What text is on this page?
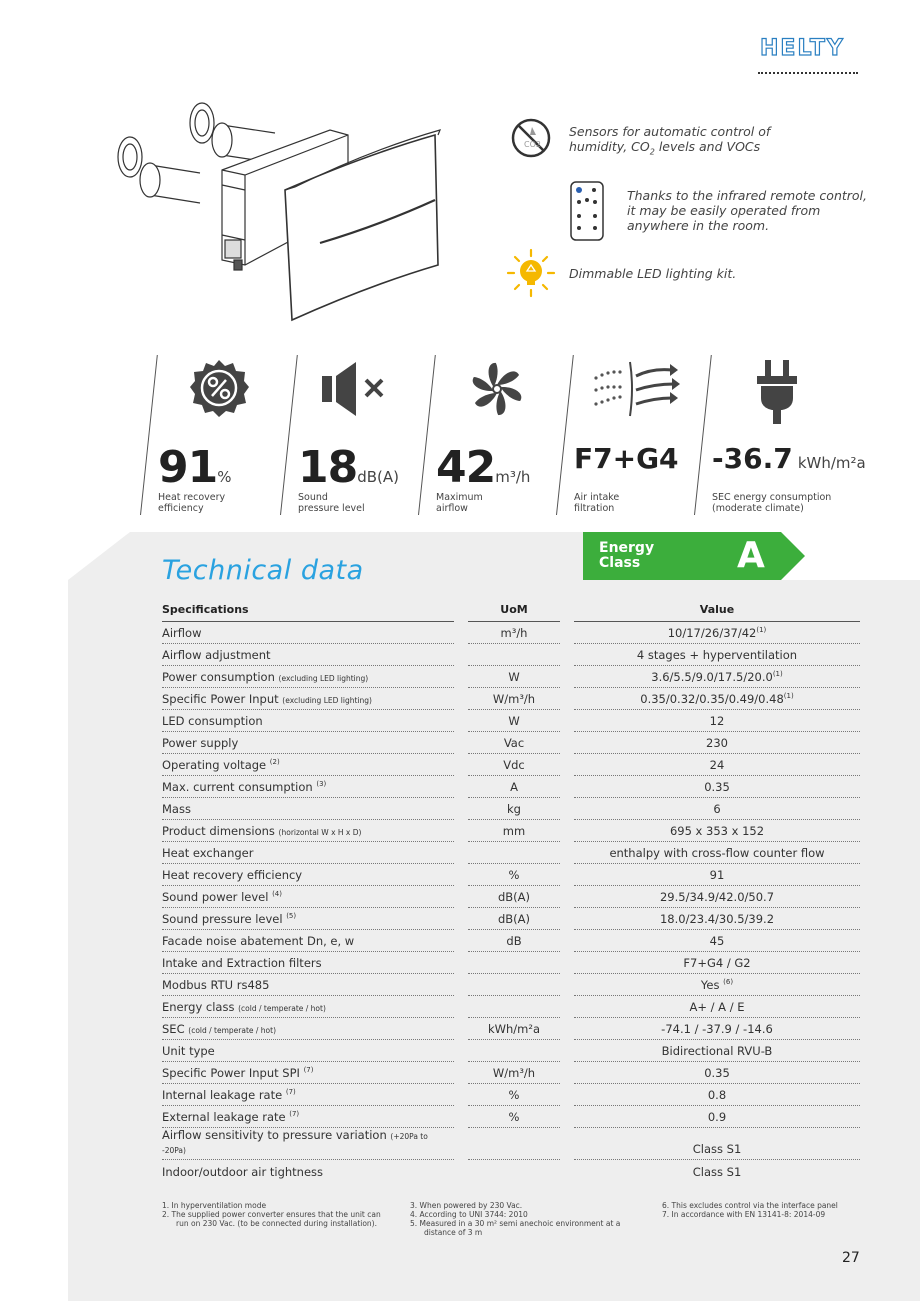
HELTY
CO2
Sensors for automatic control of
humidity, $CO_2$ levels and VOCs
Thanks to the infrared remote control,
it may be easily operated from
anywhere in the room.
Dimmable LED lighting kit.
91%
Heat recovery
efficiency
18dB(A)
Sound
pressure level
42m³/h
Maximum
airflow
F7+G4
Air intake
filtration
-36.7 kWh/m²a
SEC energy consumption
(moderate climate)
Technical data
Energy
Class	A
Specifications		UoM		Value
Airflow		m³/h		10/17/26/37/42$^{(1)}$
Airflow adjustment				4 stages + hyperventilation
Power consumption (excluding LED lighting)		W		3.6/5.5/9.0/17.5/20.0$^{(1)}$
Specific Power Input (excluding LED lighting)		W/m³/h		0.35/0.32/0.35/0.49/0.48$^{(1)}$
LED consumption		W		12
Power supply		Vac		230
Operating voltage $^{(2)}$		Vdc		24
Max. current consumption $^{(3)}$		A		0.35
Mass		kg		6
Product dimensions (horizontal W x H x D)		mm		695 x 353 x 152
Heat exchanger				enthalpy with cross-flow counter flow
Heat recovery efficiency		%		91
Sound power level $^{(4)}$		dB(A)		29.5/34.9/42.0/50.7
Sound pressure level $^{(5)}$		dB(A)		18.0/23.4/30.5/39.2
Facade noise abatement Dn, e, w		dB		45
Intake and Extraction filters				F7+G4 / G2
Modbus RTU rs485				Yes $^{(6)}$
Energy class (cold / temperate / hot)				A+ / A / E
SEC (cold / temperate / hot)		kWh/m²a		-74.1 / -37.9 / -14.6
Unit type				Bidirectional RVU-B
Specific Power Input SPI $^{(7)}$		W/m³/h		0.35
Internal leakage rate $^{(7)}$		%		0.8
External leakage rate $^{(7)}$		%		0.9
Airflow sensitivity to pressure variation (+20Pa to -20Pa)				Class S1
Indoor/outdoor air tightness				Class S1
1. In hyperventilation mode
2. The supplied power converter ensures that the unit can run on 230 Vac. (to be connected during installation).
3. When powered by 230 Vac.
4. According to UNI 3744: 2010
5. Measured in a 30 m² semi anechoic environment at a distance of 3 m
6. This excludes control via the interface panel
7. In accordance with EN 13141-8: 2014-09
27
